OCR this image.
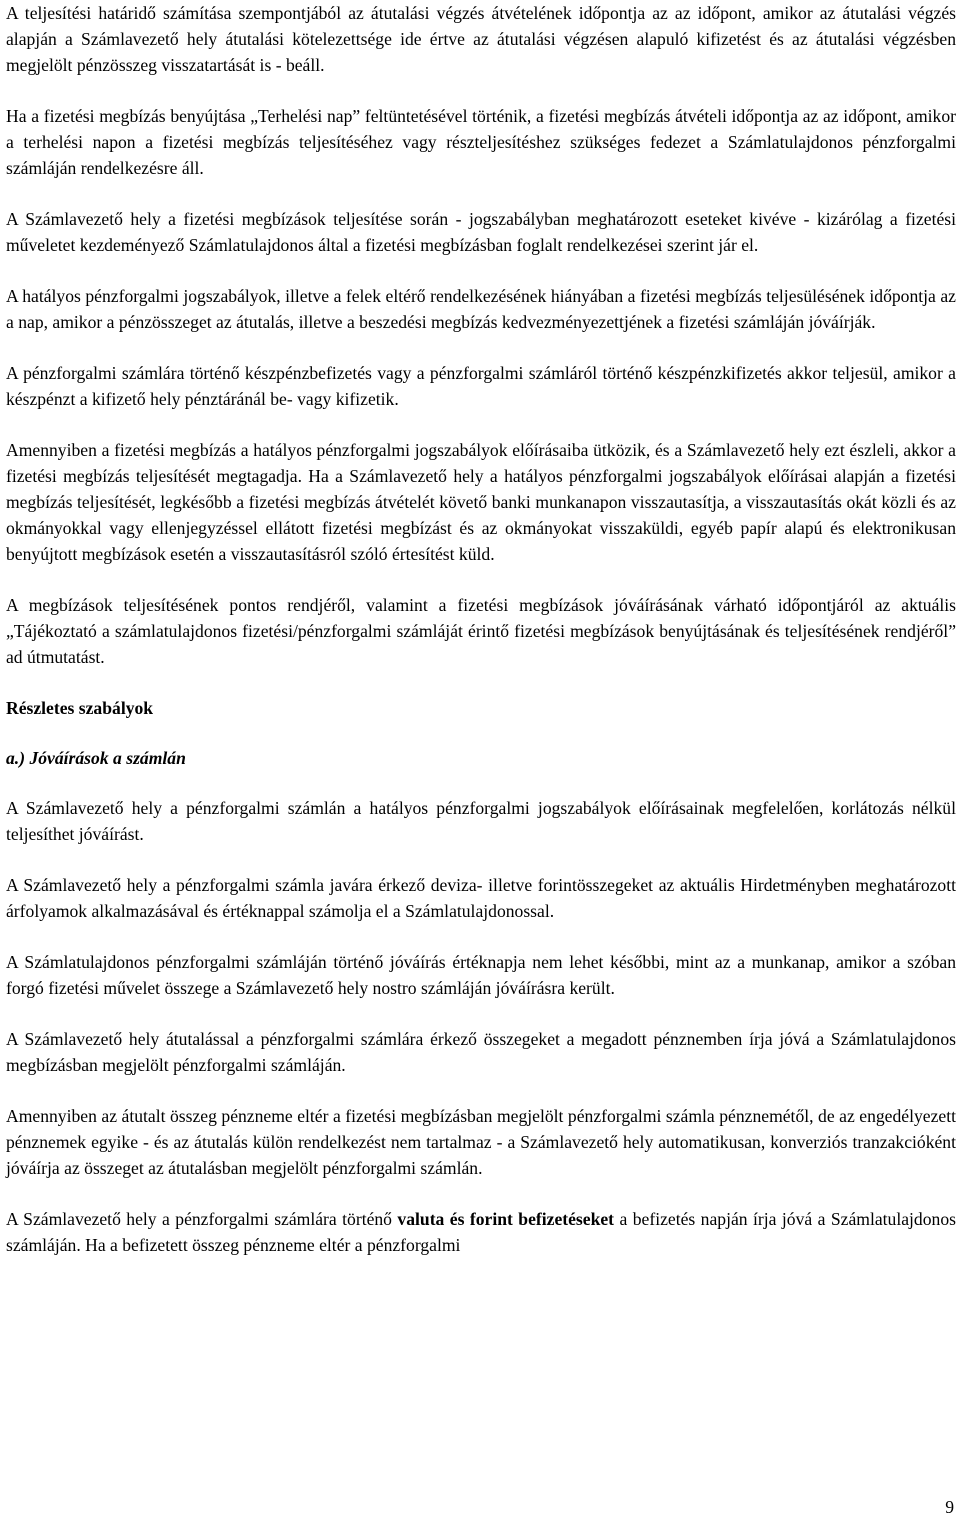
A teljesítési határidő számítása szempontjából az átutalási végzés átvételének időpontja az az időpont, amikor az átutalási végzés alapján a Számlavezető hely átutalási kötelezettsége ide értve az átutalási végzésen alapuló kifizetést és az átutalási végzésben megjelölt pénzösszeg visszatartását is - beáll.

Ha a fizetési megbízás benyújtása „Terhelési nap” feltüntetésével történik, a fizetési megbízás átvételi időpontja az az időpont, amikor a terhelési napon a fizetési megbízás teljesítéséhez vagy részteljesítéshez szükséges fedezet a Számlatulajdonos pénzforgalmi számláján rendelkezésre áll.

A Számlavezető hely a fizetési megbízások teljesítése során - jogszabályban meghatározott eseteket kivéve - kizárólag a fizetési műveletet kezdeményező Számlatulajdonos által a fizetési megbízásban foglalt rendelkezései szerint jár el.

A hatályos pénzforgalmi jogszabályok, illetve a felek eltérő rendelkezésének hiányában a fizetési megbízás teljesülésének időpontja az a nap, amikor a pénzösszeget az átutalás, illetve a beszedési megbízás kedvezményezettjének a fizetési számláján jóváírják.

A pénzforgalmi számlára történő készpénzbefizetés vagy a pénzforgalmi számláról történő készpénzkifizetés akkor teljesül, amikor a készpénzt a kifizető hely pénztáránál be- vagy kifizetik.

Amennyiben a fizetési megbízás a hatályos pénzforgalmi jogszabályok előírásaiba ütközik, és a Számlavezető hely ezt észleli, akkor a fizetési megbízás teljesítését megtagadja. Ha a Számlavezető hely a hatályos pénzforgalmi jogszabályok előírásai alapján a fizetési megbízás teljesítését, legkésőbb a fizetési megbízás átvételét követő banki munkanapon visszautasítja, a visszautasítás okát közli és az okmányokkal vagy ellenjegyzéssel ellátott fizetési megbízást és az okmányokat visszaküldi, egyéb papír alapú és elektronikusan benyújtott megbízások esetén a visszautasításról szóló értesítést küld.

A megbízások teljesítésének pontos rendjéről, valamint a fizetési megbízások jóváírásának várható időpontjáról az aktuális „Tájékoztató a számlatulajdonos fizetési/pénzforgalmi számláját érintő fizetési megbízások benyújtásának és teljesítésének rendjéről” ad útmutatást.

Részletes szabályok
a.) Jóváírások a számlán

A Számlavezető hely a pénzforgalmi számlán a hatályos pénzforgalmi jogszabályok előírásainak megfelelően, korlátozás nélkül teljesíthet jóváírást.

A Számlavezető hely a pénzforgalmi számla javára érkező deviza- illetve forintösszegeket az aktuális Hirdetményben meghatározott árfolyamok alkalmazásával és értéknappal számolja el a Számlatulajdonossal.

A Számlatulajdonos pénzforgalmi számláján történő jóváírás értéknapja nem lehet későbbi, mint az a munkanap, amikor a szóban forgó fizetési művelet összege a Számlavezető hely nostro számláján jóváírásra került.

A Számlavezető hely átutalással a pénzforgalmi számlára érkező összegeket a megadott pénznemben írja jóvá a Számlatulajdonos megbízásban megjelölt pénzforgalmi számláján.

Amennyiben az átutalt összeg pénzneme eltér a fizetési megbízásban megjelölt pénzforgalmi számla pénznemétől, de az engedélyezett pénznemek egyike - és az átutalás külön rendelkezést nem tartalmaz - a Számlavezető hely automatikusan, konverziós tranzakcióként jóváírja az összeget az átutalásban megjelölt pénzforgalmi számlán.

A Számlavezető hely a pénzforgalmi számlára történő valuta és forint befizetéseket a befizetés napján írja jóvá a Számlatulajdonos számláján. Ha a befizetett összeg pénzneme eltér a pénzforgalmi

9
